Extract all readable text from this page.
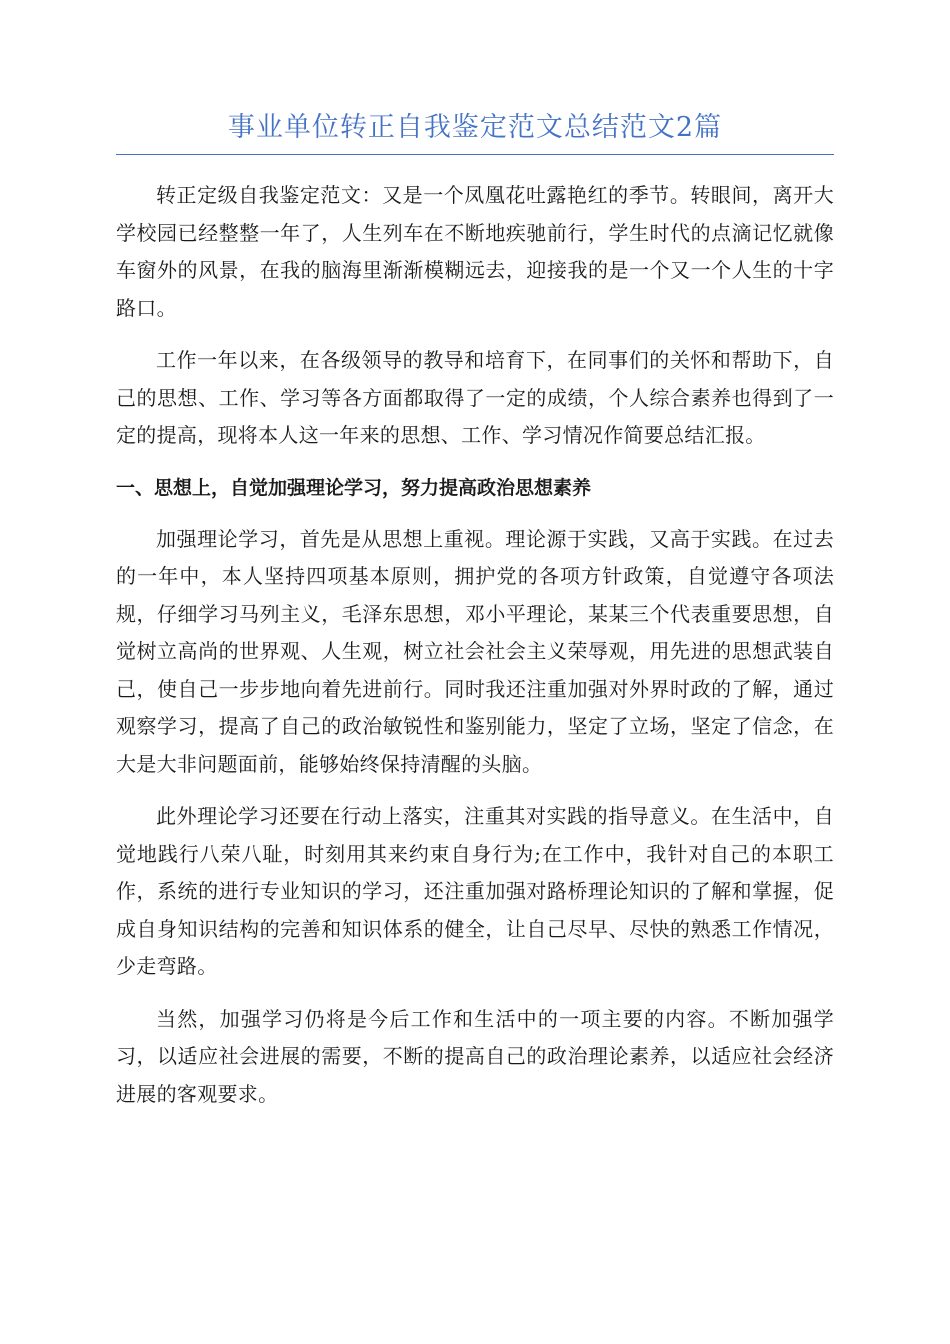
事业单位转正自我鉴定范文总结范文2篇

转正定级自我鉴定范文：又是一个凤凰花吐露艳红的季节。转眼间，离开大学校园已经整整一年了，人生列车在不断地疾驰前行，学生时代的点滴记忆就像车窗外的风景，在我的脑海里渐渐模糊远去，迎接我的是一个又一个人生的十字路口。

工作一年以来，在各级领导的教导和培育下，在同事们的关怀和帮助下，自己的思想、工作、学习等各方面都取得了一定的成绩，个人综合素养也得到了一定的提高，现将本人这一年来的思想、工作、学习情况作简要总结汇报。

一、思想上，自觉加强理论学习，努力提高政治思想素养

加强理论学习，首先是从思想上重视。理论源于实践，又高于实践。在过去的一年中，本人坚持四项基本原则，拥护党的各项方针政策，自觉遵守各项法规，仔细学习马列主义，毛泽东思想，邓小平理论，某某三个代表重要思想，自觉树立高尚的世界观、人生观，树立社会社会主义荣辱观，用先进的思想武装自己，使自己一步步地向着先进前行。同时我还注重加强对外界时政的了解，通过观察学习，提高了自己的政治敏锐性和鉴别能力，坚定了立场，坚定了信念，在大是大非问题面前，能够始终保持清醒的头脑。

此外理论学习还要在行动上落实，注重其对实践的指导意义。在生活中，自觉地践行八荣八耻，时刻用其来约束自身行为;在工作中，我针对自己的本职工作，系统的进行专业知识的学习，还注重加强对路桥理论知识的了解和掌握，促成自身知识结构的完善和知识体系的健全，让自己尽早、尽快的熟悉工作情况，少走弯路。

当然，加强学习仍将是今后工作和生活中的一项主要的内容。不断加强学习，以适应社会进展的需要，不断的提高自己的政治理论素养，以适应社会经济进展的客观要求。
